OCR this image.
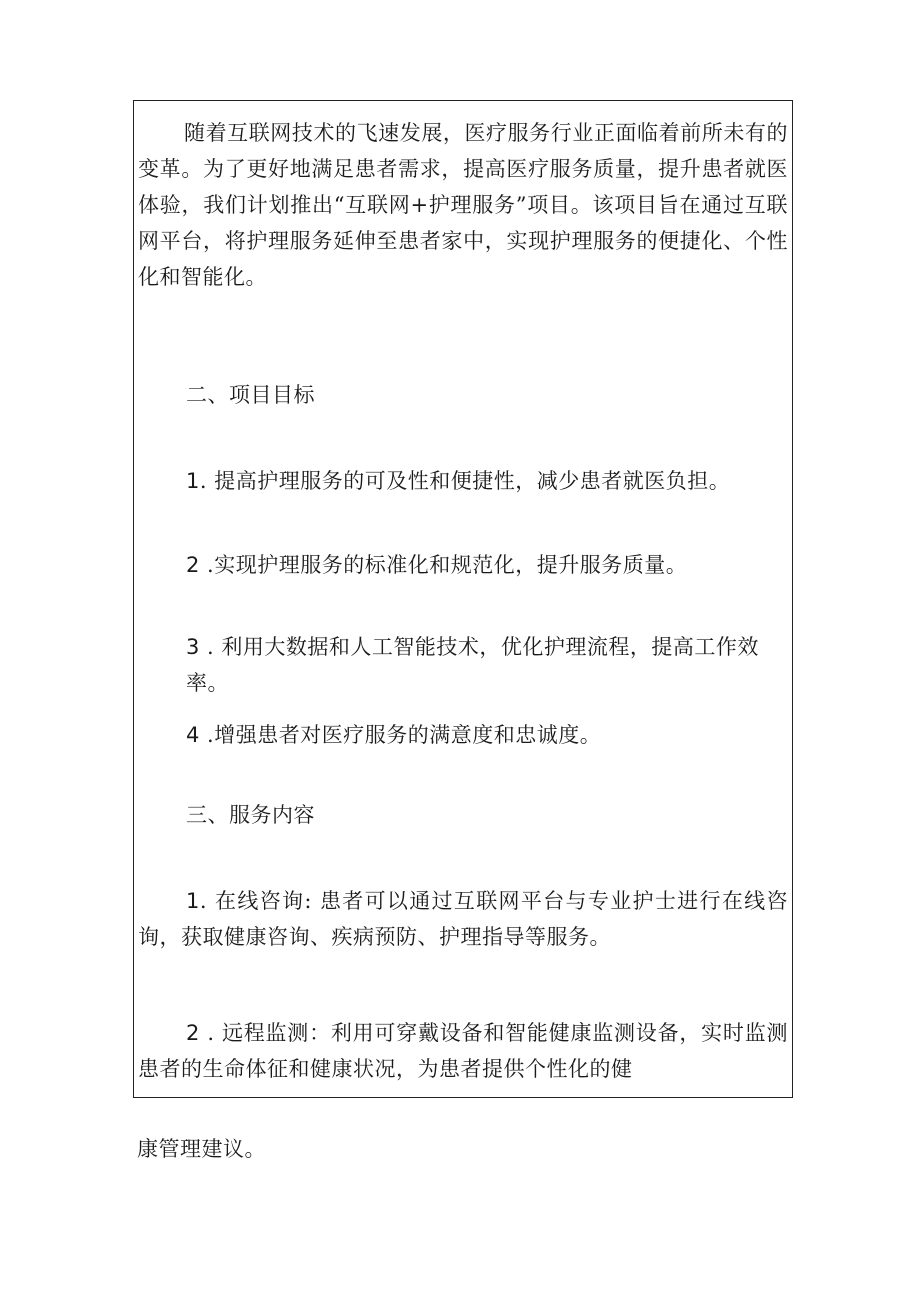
随着互联网技术的飞速发展，医疗服务行业正面临着前所未有的变革。为了更好地满足患者需求，提高医疗服务质量，提升患者就医体验，我们计划推出“互联网+护理服务”项目。该项目旨在通过互联网平台，将护理服务延伸至患者家中，实现护理服务的便捷化、个性化和智能化。

二、项目目标

1. 提高护理服务的可及性和便捷性，减少患者就医负担。

2 .实现护理服务的标准化和规范化，提升服务质量。

3 . 利用大数据和人工智能技术，优化护理流程，提高工作效率。

4 .增强患者对医疗服务的满意度和忠诚度。

三、服务内容

1. 在线咨询: 患者可以通过互联网平台与专业护士进行在线咨询，获取健康咨询、疾病预防、护理指导等服务。

2 . 远程监测：利用可穿戴设备和智能健康监测设备，实时监测患者的生命体征和健康状况，为患者提供个性化的健

康管理建议。
